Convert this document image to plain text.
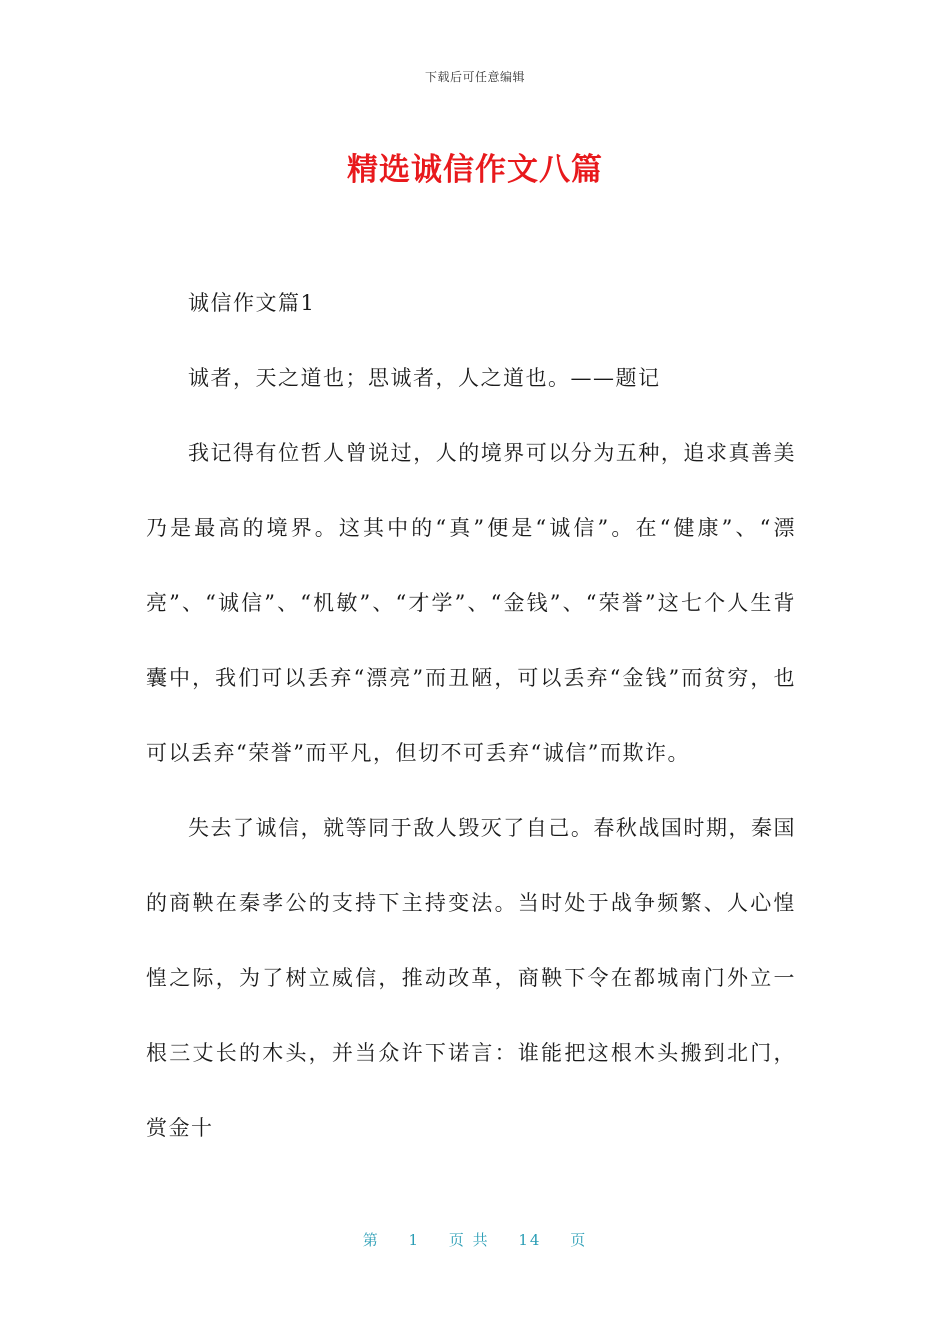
下载后可任意编辑
精选诚信作文八篇

诚信作文篇1

诚者，天之道也；思诚者，人之道也。——题记

我记得有位哲人曾说过，人的境界可以分为五种，追求真善美乃是最高的境界。这其中的“真”便是“诚信”。在“健康”、“漂亮”、“诚信”、“机敏”、“才学”、“金钱”、“荣誉”这七个人生背囊中，我们可以丢弃“漂亮”而丑陋，可以丢弃“金钱”而贫穷，也可以丢弃“荣誉”而平凡，但切不可丢弃“诚信”而欺诈。

失去了诚信，就等同于敌人毁灭了自己。春秋战国时期，秦国的商鞅在秦孝公的支持下主持变法。当时处于战争频繁、人心惶惶之际，为了树立威信，推动改革，商鞅下令在都城南门外立一根三丈长的木头，并当众许下诺言：谁能把这根木头搬到北门，赏金十

第 1 页 共 14 页
